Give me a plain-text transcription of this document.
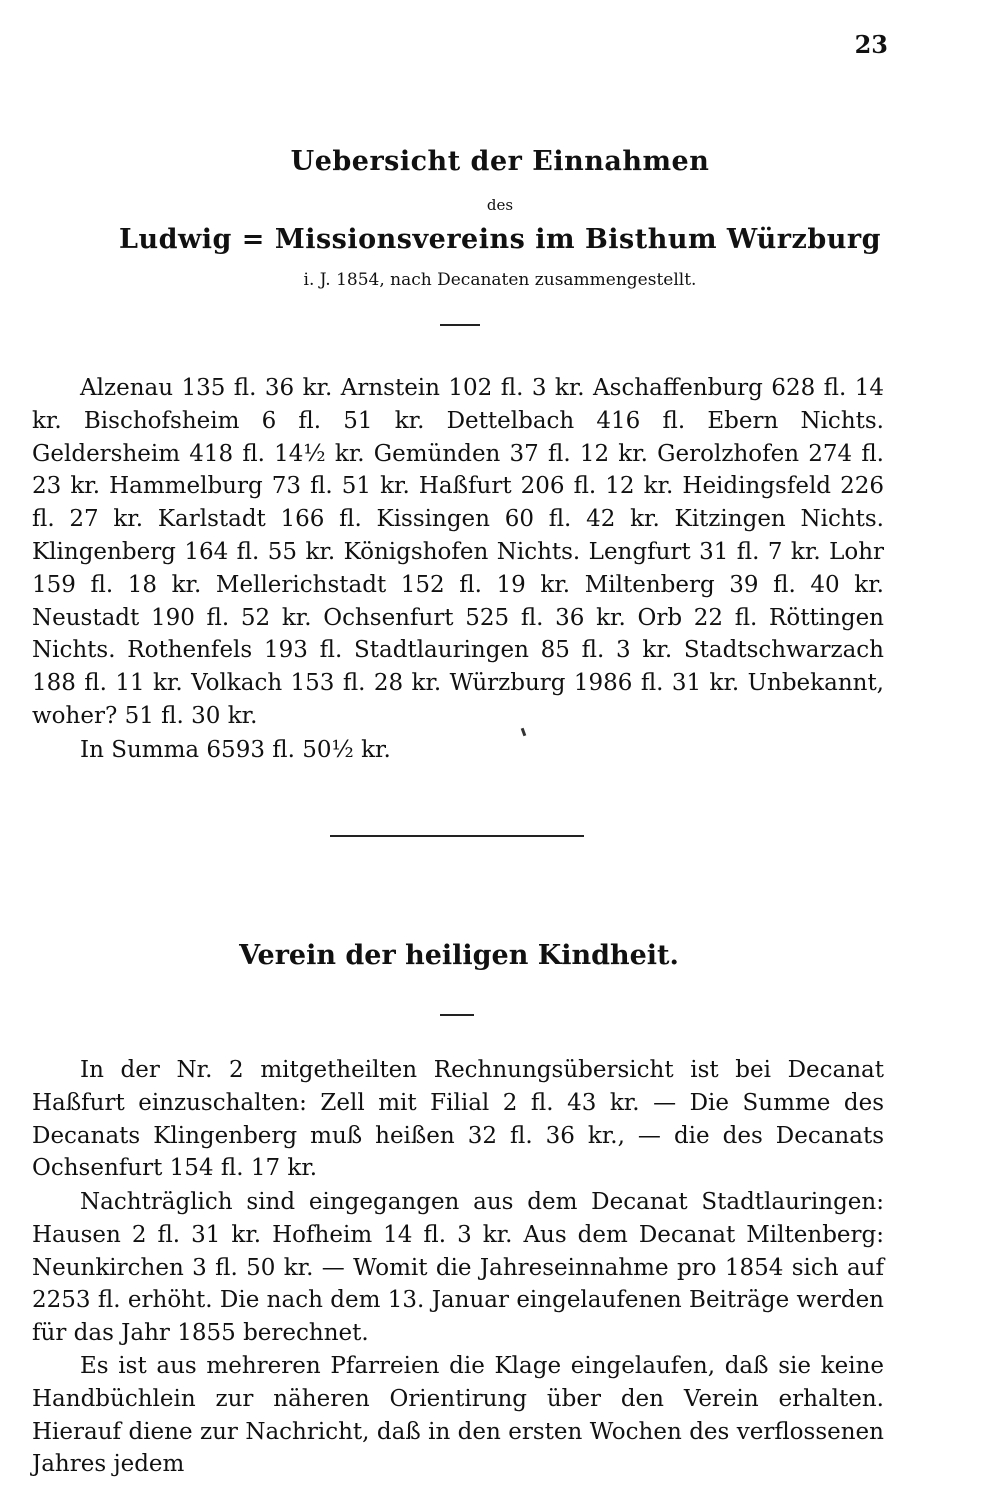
23
Uebersicht der Einnahmen
des
Ludwig = Missionsvereins im Bisthum Würzburg
i. J. 1854, nach Decanaten zusammengestellt.
Alzenau 135 fl. 36 kr. Arnstein 102 fl. 3 kr. Aschaffenburg 628 fl. 14 kr. Bischofsheim 6 fl. 51 kr. Dettelbach 416 fl. Ebern Nichts. Geldersheim 418 fl. 14½ kr. Gemünden 37 fl. 12 kr. Gerolzhofen 274 fl. 23 kr. Hammelburg 73 fl. 51 kr. Haßfurt 206 fl. 12 kr. Heidingsfeld 226 fl. 27 kr. Karlstadt 166 fl. Kissingen 60 fl. 42 kr. Kitzingen Nichts. Klingenberg 164 fl. 55 kr. Königshofen Nichts. Lengfurt 31 fl. 7 kr. Lohr 159 fl. 18 kr. Mellerichstadt 152 fl. 19 kr. Miltenberg 39 fl. 40 kr. Neustadt 190 fl. 52 kr. Ochsenfurt 525 fl. 36 kr. Orb 22 fl. Röttingen Nichts. Rothenfels 193 fl. Stadtlauringen 85 fl. 3 kr. Stadtschwarzach 188 fl. 11 kr. Volkach 153 fl. 28 kr. Würzburg 1986 fl. 31 kr. Unbekannt, woher? 51 fl. 30 kr.
In Summa 6593 fl. 50½ kr.
Verein der heiligen Kindheit.
In der Nr. 2 mitgetheilten Rechnungsübersicht ist bei Decanat Haßfurt einzuschalten: Zell mit Filial 2 fl. 43 kr. — Die Summe des Decanats Klingenberg muß heißen 32 fl. 36 kr., — die des Decanats Ochsenfurt 154 fl. 17 kr.
Nachträglich sind eingegangen aus dem Decanat Stadtlauringen: Hausen 2 fl. 31 kr. Hofheim 14 fl. 3 kr. Aus dem Decanat Miltenberg: Neunkirchen 3 fl. 50 kr. — Womit die Jahreseinnahme pro 1854 sich auf 2253 fl. erhöht. Die nach dem 13. Januar eingelaufenen Beiträge werden für das Jahr 1855 berechnet.
Es ist aus mehreren Pfarreien die Klage eingelaufen, daß sie keine Handbüchlein zur näheren Orientirung über den Verein erhalten. Hierauf diene zur Nachricht, daß in den ersten Wochen des verflossenen Jahres jedem
